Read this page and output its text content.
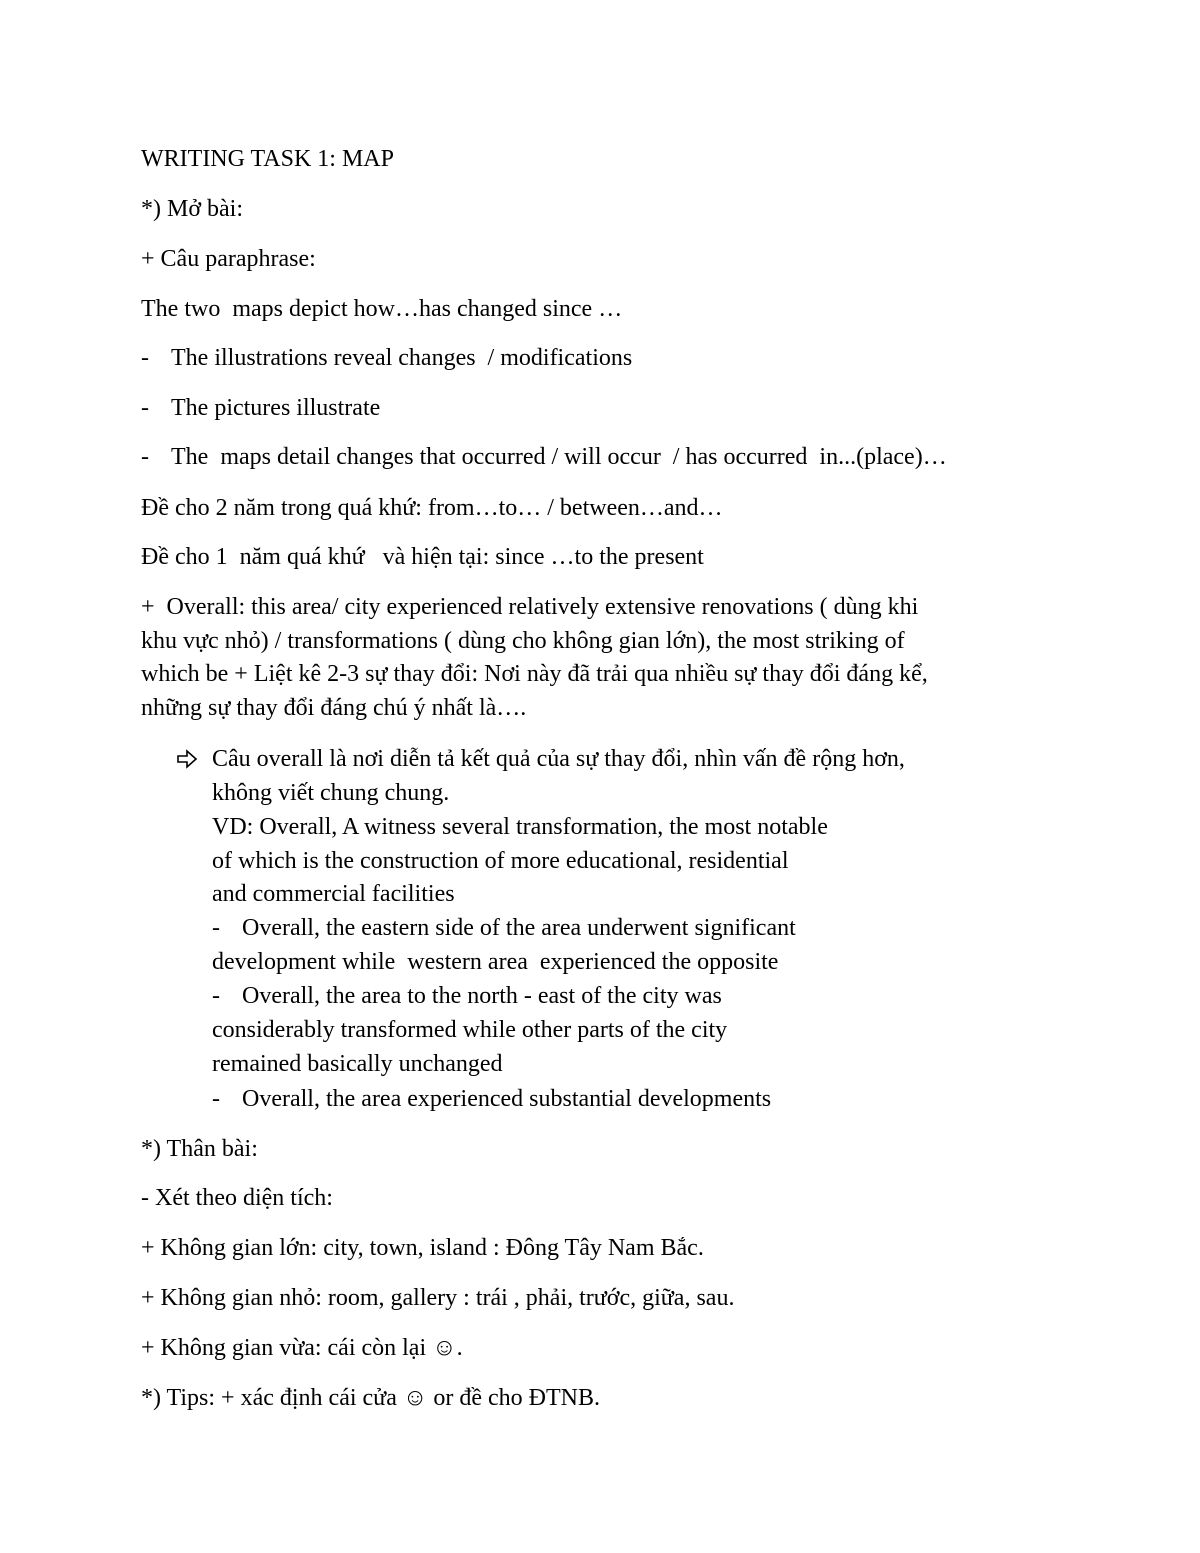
WRITING TASK 1: MAP
*) Mở bài:
+ Câu paraphrase:
The two  maps depict how…has changed since …
- The illustrations reveal changes  / modifications
- The pictures illustrate
- The  maps detail changes that occurred / will occur  / has occurred  in...(place)…
Đề cho 2 năm trong quá khứ: from…to… / between…and…
Đề cho 1  năm quá khứ   và hiện tại: since …to the present
+  Overall: this area/ city experienced relatively extensive renovations ( dùng khi
khu vực nhỏ) / transformations ( dùng cho không gian lớn), the most striking of
which be + Liệt kê 2-3 sự thay đổi: Nơi này đã trải qua nhiều sự thay đổi đáng kể,
những sự thay đổi đáng chú ý nhất là….
Câu overall là nơi diễn tả kết quả của sự thay đổi, nhìn vấn đề rộng hơn,
không viết chung chung.
VD: Overall, A witness several transformation, the most notable
of which is the construction of more educational, residential
and commercial facilities
- Overall, the eastern side of the area underwent significant
development while  western area  experienced the opposite
- Overall, the area to the north - east of the city was
considerably transformed while other parts of the city
remained basically unchanged
- Overall, the area experienced substantial developments
*) Thân bài:
- Xét theo diện tích:
+ Không gian lớn: city, town, island : Đông Tây Nam Bắc.
+ Không gian nhỏ: room, gallery : trái , phải, trước, giữa, sau.
+ Không gian vừa: cái còn lại ☺.
*) Tips: + xác định cái cửa ☺ or đề cho ĐTNB.
